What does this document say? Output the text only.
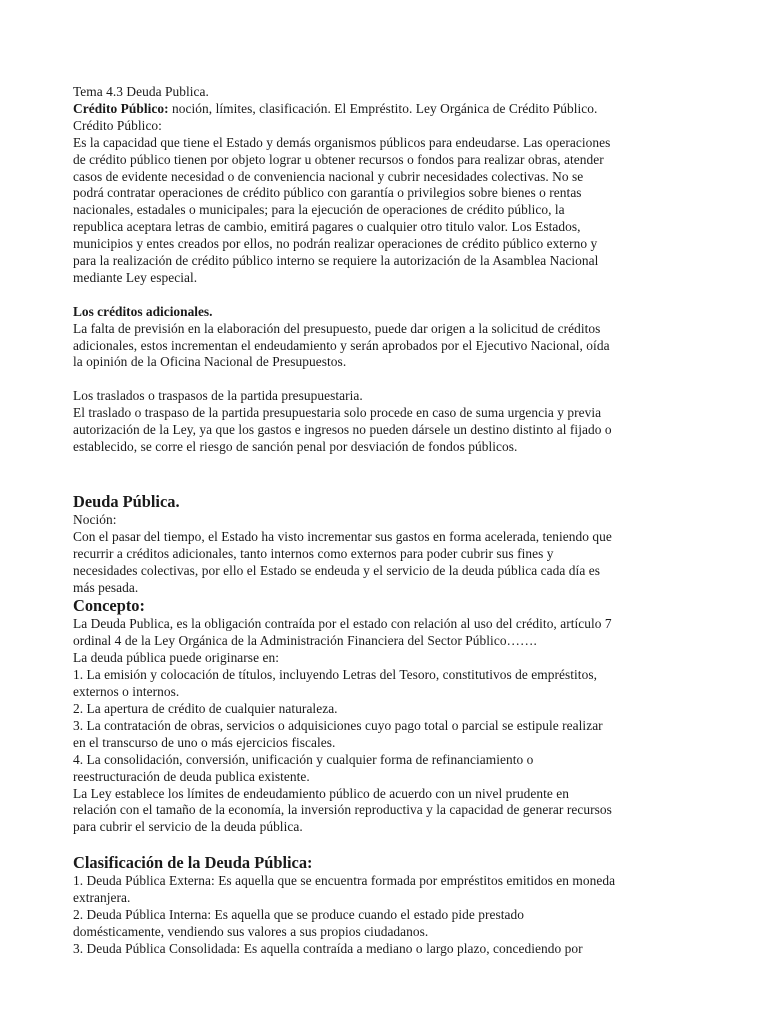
Tema 4.3 Deuda Publica.

Crédito Público: noción, límites, clasificación. El Empréstito. Ley Orgánica de Crédito Público.

Crédito Público:

Es la capacidad que tiene el Estado y demás organismos públicos para endeudarse. Las operaciones

de crédito público tienen por objeto lograr u obtener recursos o fondos para realizar obras, atender

casos de evidente necesidad o de conveniencia nacional y cubrir necesidades colectivas. No se

podrá contratar operaciones de crédito público con garantía o privilegios sobre bienes o rentas

nacionales, estadales o municipales; para la ejecución de operaciones de crédito público, la

republica aceptara letras de cambio, emitirá pagares o cualquier otro titulo valor. Los Estados,

municipios y entes creados por ellos, no podrán realizar operaciones de crédito público externo y

para la realización de crédito público interno se requiere la autorización de la Asamblea Nacional

mediante Ley especial.

Los créditos adicionales.

La falta de previsión en la elaboración del presupuesto, puede dar origen a la solicitud de créditos

adicionales, estos incrementan el endeudamiento y serán aprobados por el Ejecutivo Nacional, oída

la opinión de la Oficina Nacional de Presupuestos.

Los traslados o traspasos de la partida presupuestaria.

El traslado o traspaso de la partida presupuestaria solo procede en caso de suma urgencia y previa

autorización de la Ley, ya que los gastos e ingresos no pueden dársele un destino distinto al fijado o

establecido, se corre el riesgo de sanción penal por desviación de fondos públicos.

Deuda Pública.

Noción:

Con el pasar del tiempo, el Estado ha visto incrementar sus gastos en forma acelerada, teniendo que

recurrir a créditos adicionales, tanto internos como externos para poder cubrir sus fines y

necesidades colectivas, por ello el Estado se endeuda y el servicio de la deuda pública cada día es

más pesada.

Concepto:

La Deuda Publica, es la obligación contraída por el estado con relación al uso del crédito, artículo 7

ordinal 4 de la Ley Orgánica de la Administración Financiera del Sector Público…….

La deuda pública puede originarse en:

1. La emisión y colocación de títulos, incluyendo Letras del Tesoro, constitutivos de empréstitos,

externos o internos.

2. La apertura de crédito de cualquier naturaleza.

3. La contratación de obras, servicios o adquisiciones cuyo pago total o parcial se estipule realizar

en el transcurso de uno o más ejercicios fiscales.

4. La consolidación, conversión, unificación y cualquier forma de refinanciamiento o

reestructuración de deuda publica existente.

La Ley establece los límites de endeudamiento público de acuerdo con un nivel prudente en

relación con el tamaño de la economía, la inversión reproductiva y la capacidad de generar recursos

para cubrir el servicio de la deuda pública.

Clasificación de la Deuda Pública:

1. Deuda Pública Externa: Es aquella que se encuentra formada por empréstitos emitidos en moneda

extranjera.

2. Deuda Pública Interna: Es aquella que se produce cuando el estado pide prestado

domésticamente, vendiendo sus valores a sus propios ciudadanos.

3. Deuda Pública Consolidada: Es aquella contraída a mediano o largo plazo, concediendo por
